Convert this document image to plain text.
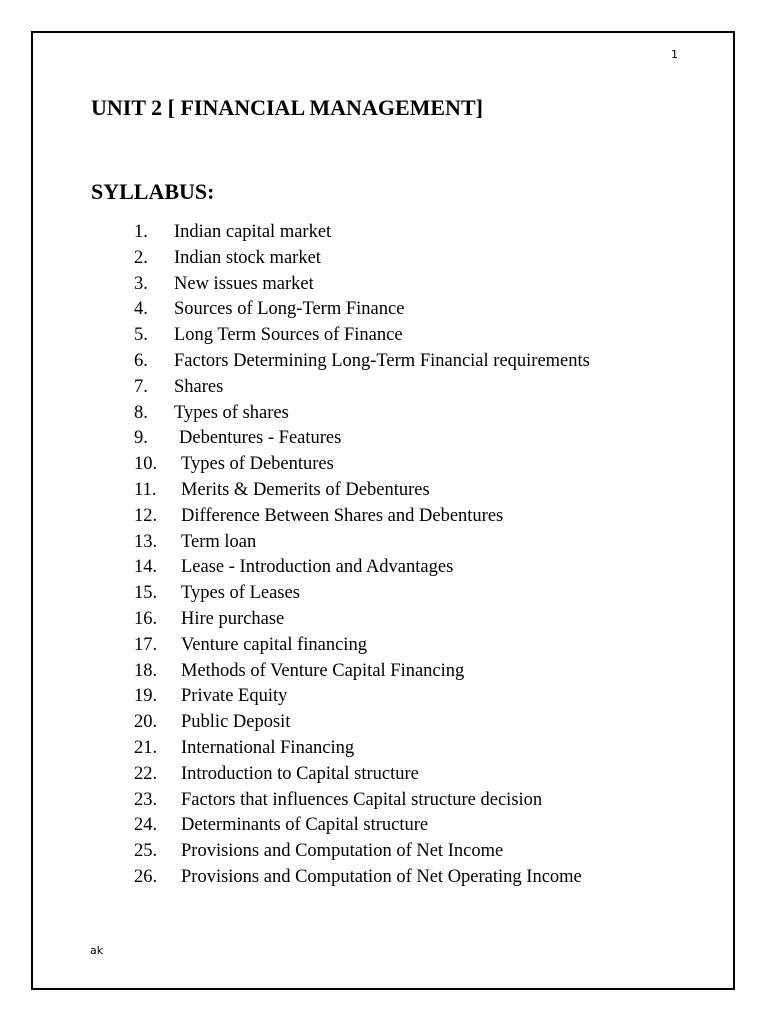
1
UNIT 2 [ FINANCIAL MANAGEMENT]
SYLLABUS:
1. Indian capital market
2. Indian stock market
3. New issues market
4. Sources of Long-Term Finance
5. Long Term Sources of Finance
6. Factors Determining Long-Term Financial requirements
7. Shares
8. Types of shares
9. Debentures - Features
10. Types of Debentures
11. Merits & Demerits of Debentures
12. Difference Between Shares and Debentures
13. Term loan
14. Lease - Introduction and Advantages
15. Types of Leases
16. Hire purchase
17. Venture capital financing
18. Methods of Venture Capital Financing
19. Private Equity
20. Public Deposit
21. International Financing
22. Introduction to Capital structure
23. Factors that influences Capital structure decision
24. Determinants of Capital structure
25. Provisions and Computation of Net Income
26. Provisions and Computation of Net Operating Income
ak
